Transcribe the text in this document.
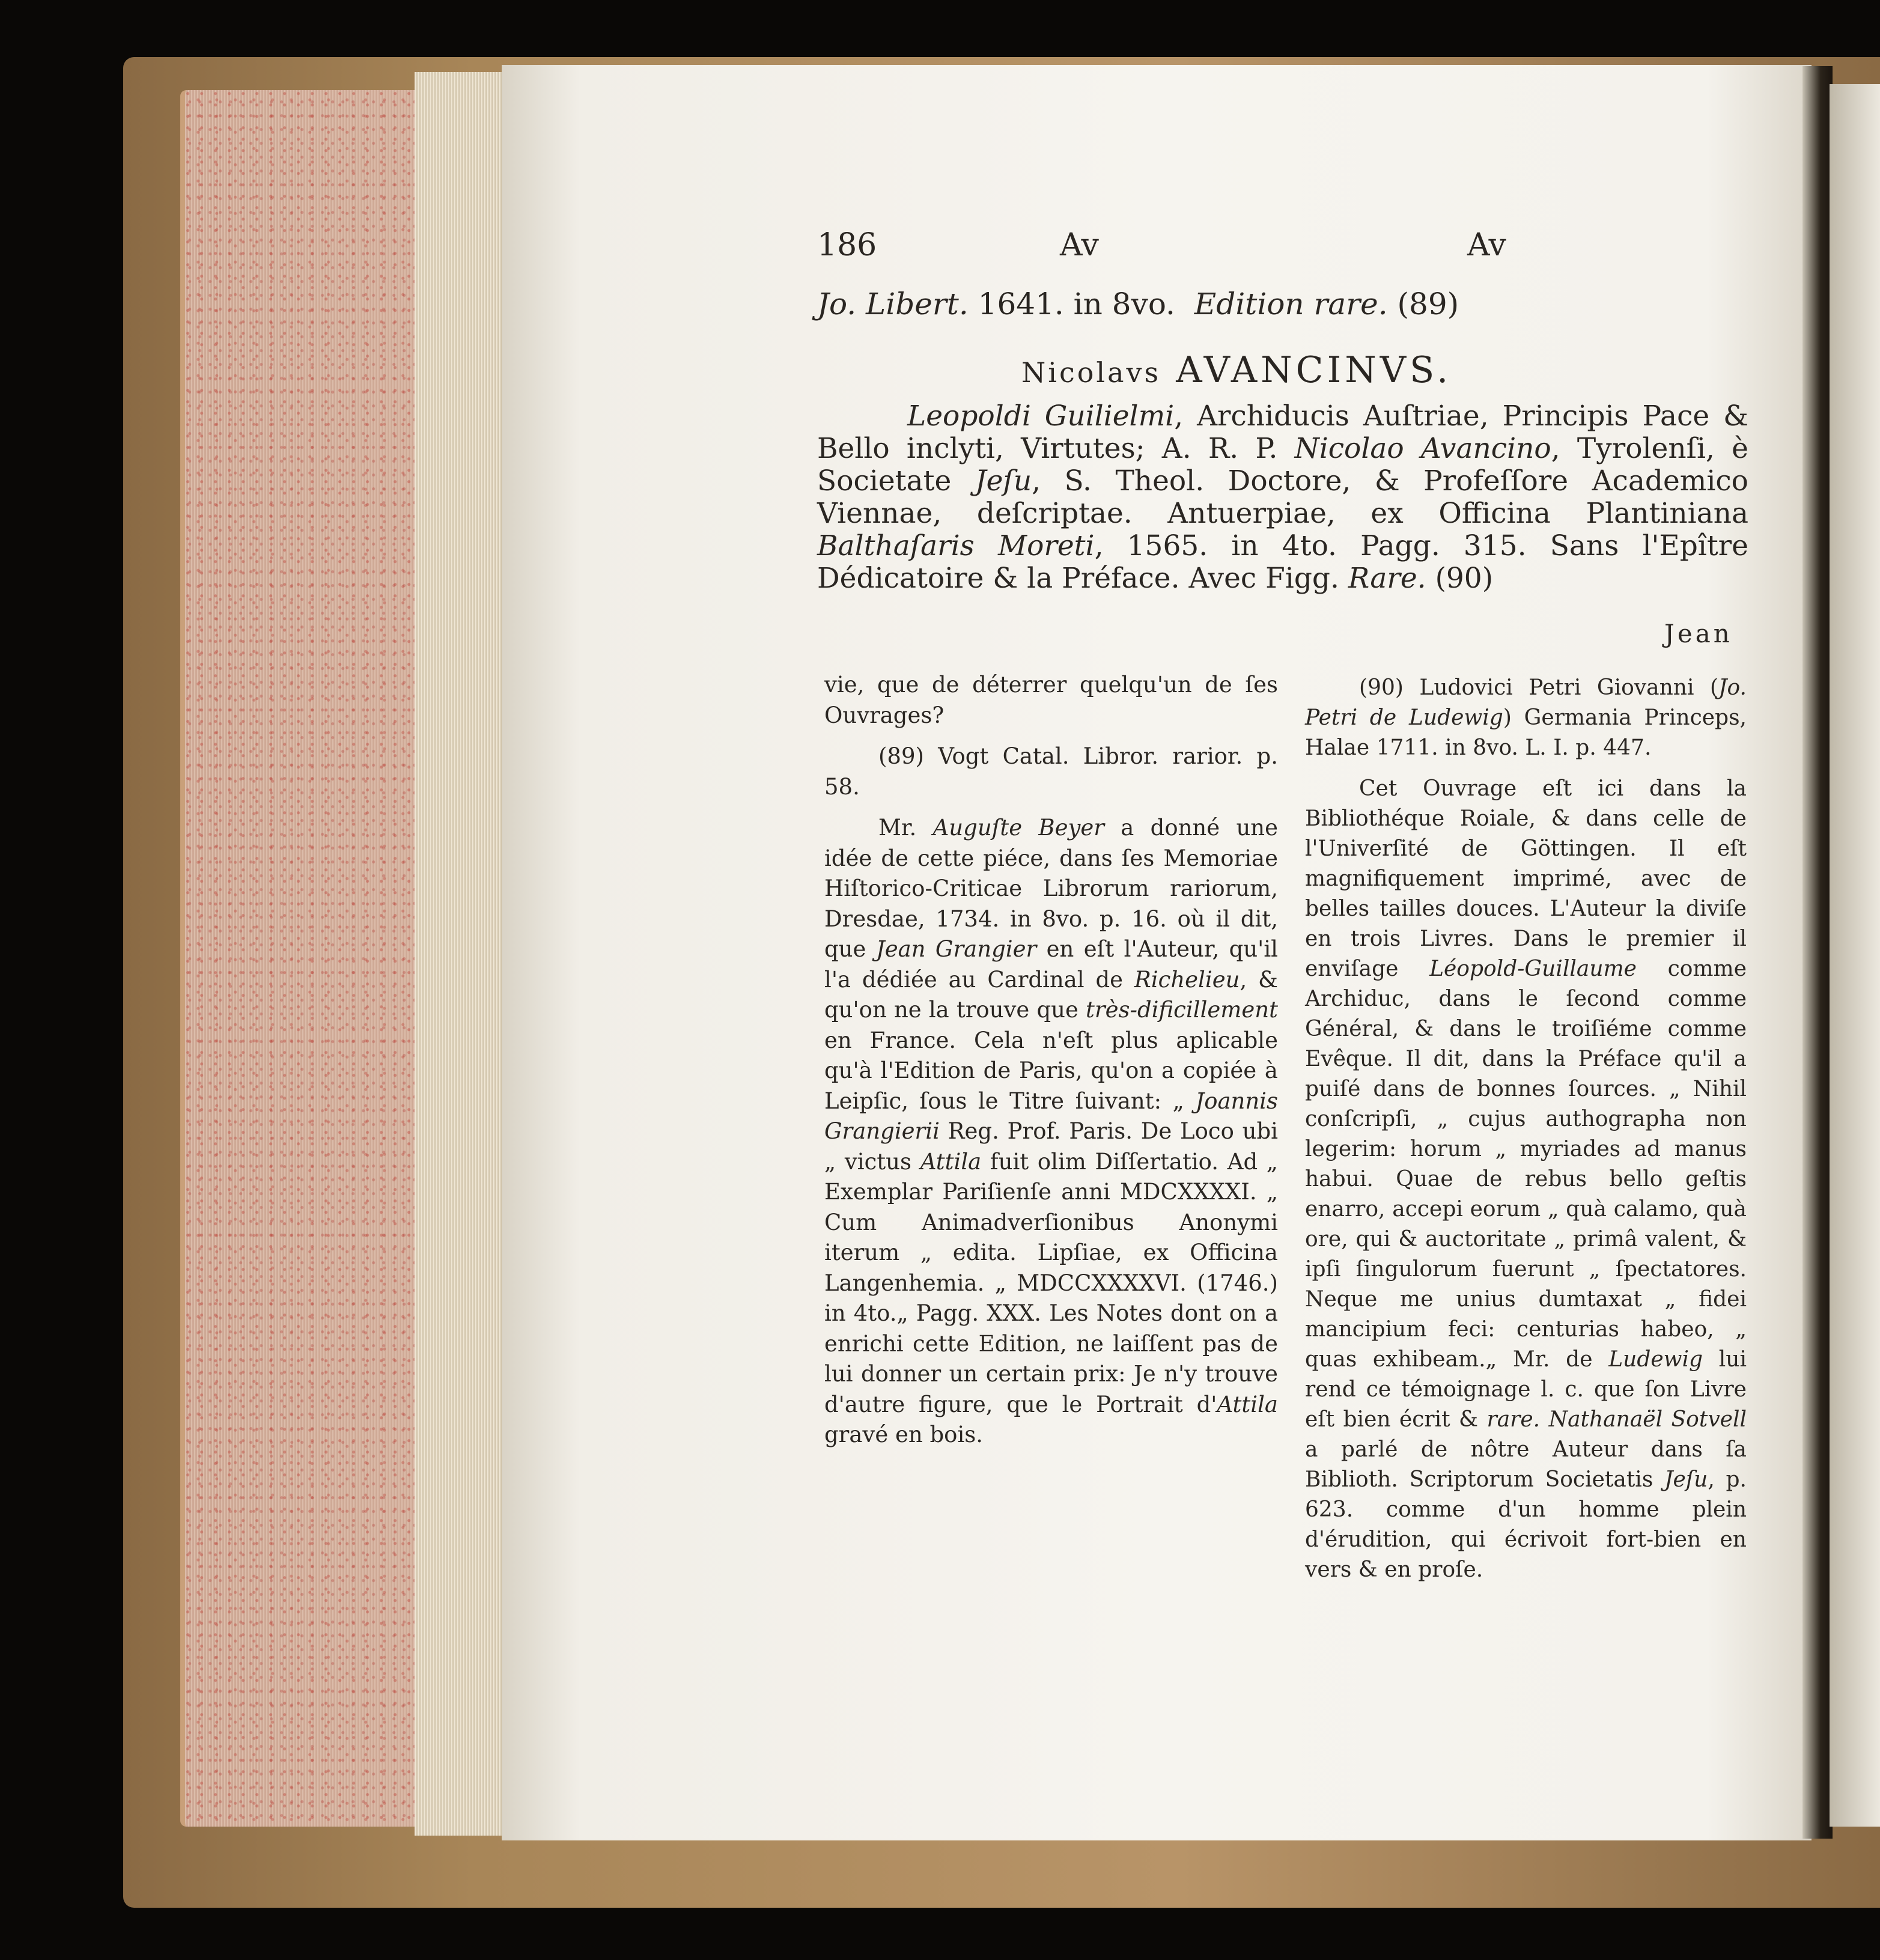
186	Av	Av
Jo. Libert. 1641. in 8vo. Edition rare. (89)
Nicolavs AVANCINVS.
Leopoldi Guilielmi, Archiducis Auſtriae, Principis Pace & Bello inclyti, Virtutes; A. R. P. Nicolao Avancino, Tyrolenſi, è Societate Jeſu, S. Theol. Doctore, & Profeſſore Academico Viennae, deſcriptae. Antuerpiae, ex Officina Plantiniana Balthaſaris Moreti, 1565. in 4to. Pagg. 315. Sans l'Epître Dédicatoire & la Préface. Avec Figg. Rare. (90)
Jean

vie, que de déterrer quelqu'un de ſes Ouvrages?

(89) Vogt Catal. Libror. rarior. p. 58.

Mr. Auguſte Beyer a donné une idée de cette piéce, dans ſes Memoriae Hiſtorico-Criticae Librorum rariorum, Dresdae, 1734. in 8vo. p. 16. où il dit, que Jean Grangier en eſt l'Auteur, qu'il l'a dédiée au Cardinal de Richelieu, & qu'on ne la trouve que très-dificillement en France. Cela n'eſt plus aplicable qu'à l'Edition de Paris, qu'on a copiée à Leipſic, ſous le Titre ſuivant: „ Joannis Grangierii Reg. Prof. Paris. De Loco ubi „ victus Attila fuit olim Diſſertatio. Ad „ Exemplar Pariſienſe anni MDCXXXXI. „ Cum Animadverſionibus Anonymi iterum „ edita. Lipſiae, ex Officina Langenhemia. „ MDCCXXXXVI. (1746.) in 4to.„ Pagg. XXX. Les Notes dont on a enrichi cette Edition, ne laiſſent pas de lui donner un certain prix: Je n'y trouve d'autre figure, que le Portrait d'Attila gravé en bois.

(90) Ludovici Petri Giovanni (Jo. Petri de Ludewig) Germania Princeps, Halae 1711. in 8vo. L. I. p. 447.

Cet Ouvrage eſt ici dans la Bibliothéque Roiale, & dans celle de l'Univerſité de Göttingen. Il eſt magnifiquement imprimé, avec de belles tailles douces. L'Auteur la diviſe en trois Livres. Dans le premier il enviſage Léopold-Guillaume comme Archiduc, dans le ſecond comme Général, & dans le troiſiéme comme Evêque. Il dit, dans la Préface qu'il a puiſé dans de bonnes ſources. „ Nihil conſcripſi, „ cujus authographa non legerim: horum „ myriades ad manus habui. Quae de rebus bello geſtis enarro, accepi eorum „ quà calamo, quà ore, qui & auctoritate „ primâ valent, & ipſi ſingulorum fuerunt „ ſpectatores. Neque me unius dumtaxat „ fidei mancipium feci: centurias habeo, „ quas exhibeam.„ Mr. de Ludewig lui rend ce témoignage l. c. que ſon Livre eſt bien écrit & rare. Nathanaël Sotvell a parlé de nôtre Auteur dans ſa Biblioth. Scriptorum Societatis Jeſu, p. 623. comme d'un homme plein d'érudition, qui écrivoit fort-bien en vers & en proſe.
